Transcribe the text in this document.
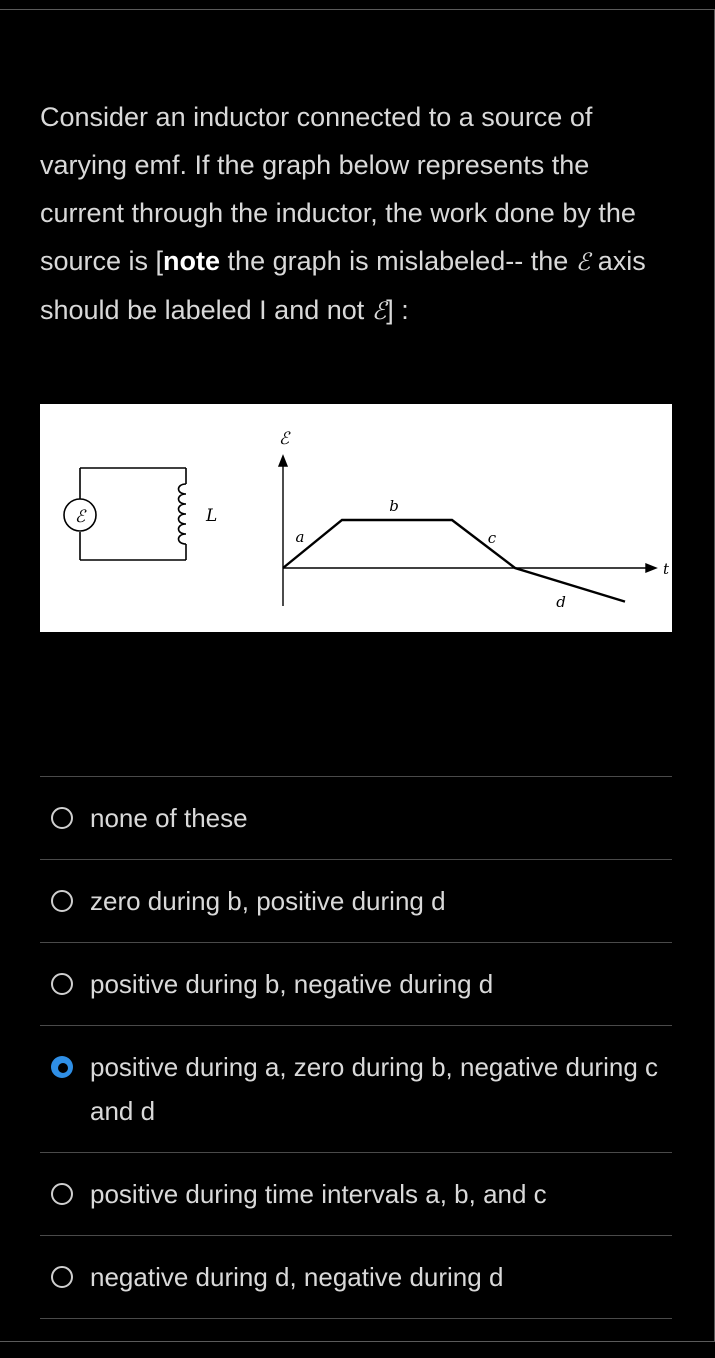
Consider an inductor connected to a source of varying emf. If the graph below represents the current through the inductor, the work done by the source is [note the graph is mislabeled-- the ℰ axis should be labeled I and not ℰ] :
ℰ	L
ℰ
t
a
b
c
d
none of these
zero during b, positive during d
positive during b, negative during d
positive during a, zero during b, negative during c and d
positive during time intervals a, b, and c
negative during d, negative during d
